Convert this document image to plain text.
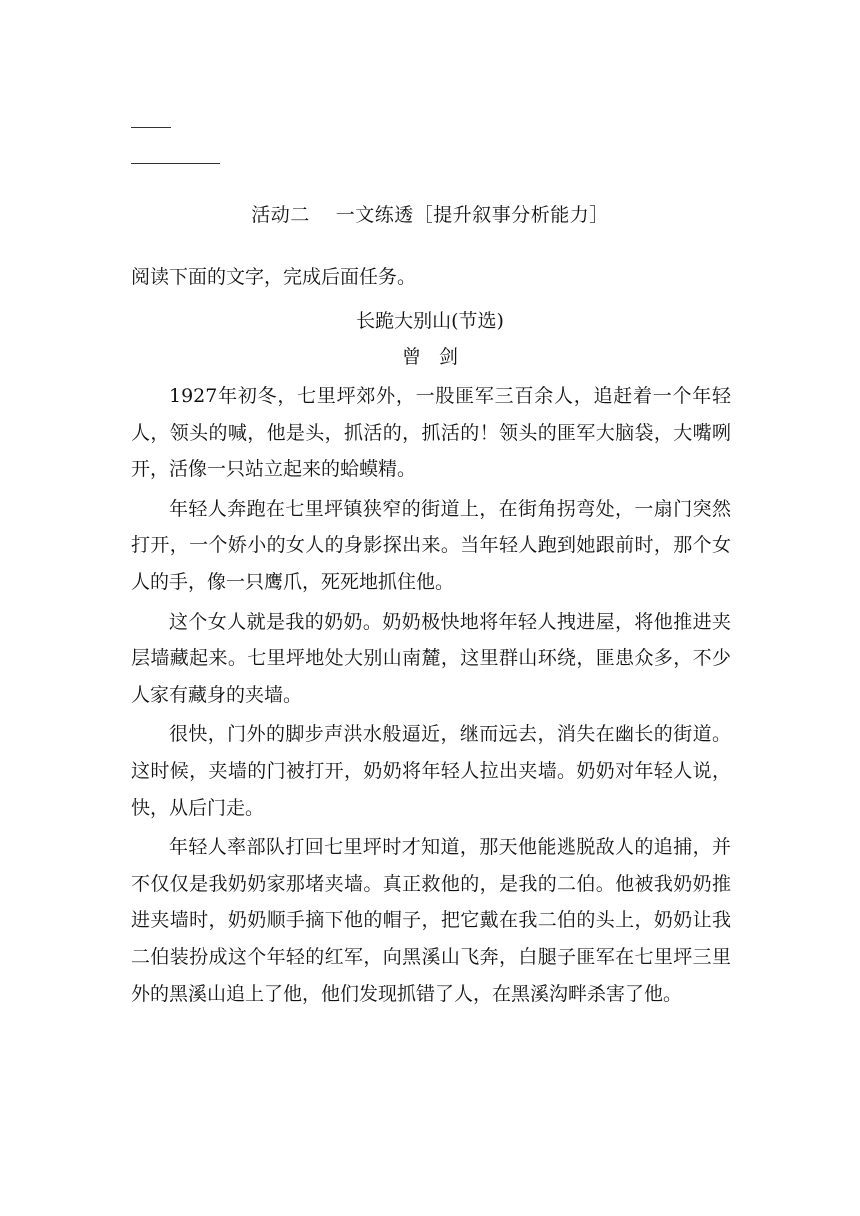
活动二 一文练透［提升叙事分析能力］
阅读下面的文字，完成后面任务。
长跪大别山(节选)
曾剑

1927年初冬，七里坪郊外，一股匪军三百余人，追赶着一个年轻人，领头的喊，他是头，抓活的，抓活的！领头的匪军大脑袋，大嘴咧开，活像一只站立起来的蛤蟆精。

年轻人奔跑在七里坪镇狭窄的街道上，在街角拐弯处，一扇门突然打开，一个娇小的女人的身影探出来。当年轻人跑到她跟前时，那个女人的手，像一只鹰爪，死死地抓住他。

这个女人就是我的奶奶。奶奶极快地将年轻人拽进屋，将他推进夹层墙藏起来。七里坪地处大别山南麓，这里群山环绕，匪患众多，不少人家有藏身的夹墙。

很快，门外的脚步声洪水般逼近，继而远去，消失在幽长的街道。这时候，夹墙的门被打开，奶奶将年轻人拉出夹墙。奶奶对年轻人说，快，从后门走。

年轻人率部队打回七里坪时才知道，那天他能逃脱敌人的追捕，并不仅仅是我奶奶家那堵夹墙。真正救他的，是我的二伯。他被我奶奶推进夹墙时，奶奶顺手摘下他的帽子，把它戴在我二伯的头上，奶奶让我二伯装扮成这个年轻的红军，向黑溪山飞奔，白腿子匪军在七里坪三里外的黑溪山追上了他，他们发现抓错了人，在黑溪沟畔杀害了他。
